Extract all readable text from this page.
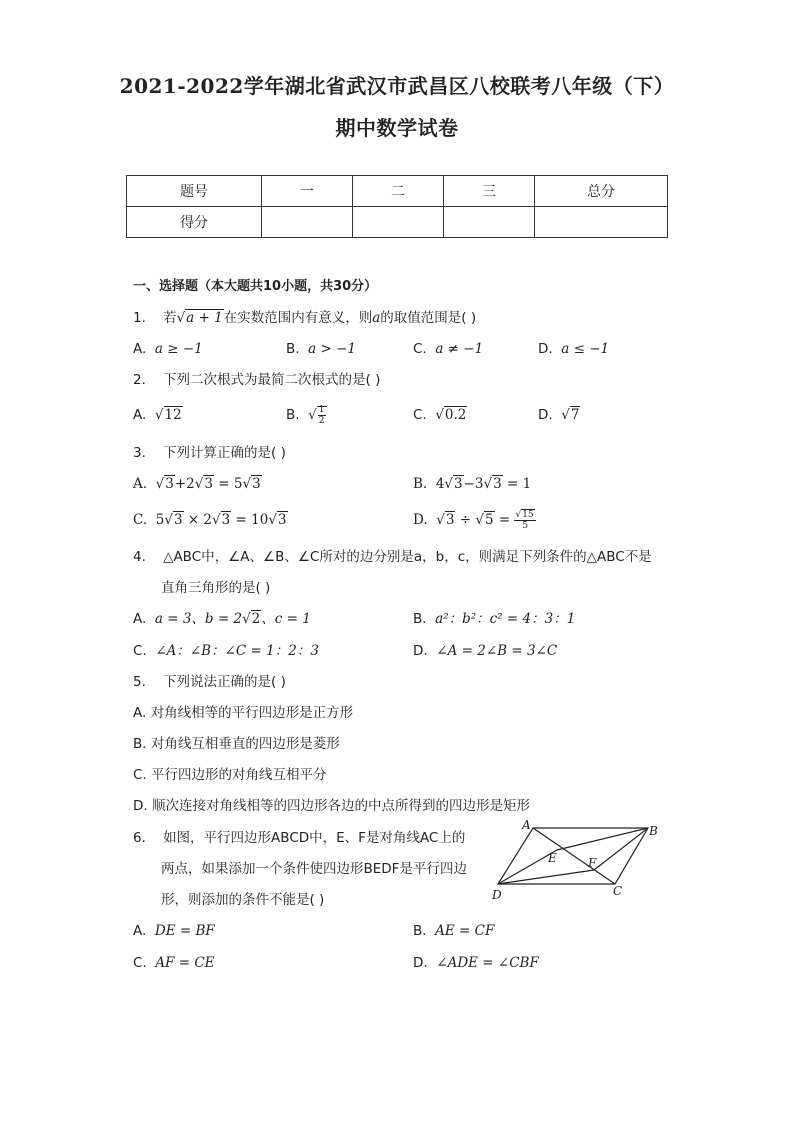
2021-2022学年湖北省武汉市武昌区八校联考八年级（下）
期中数学试卷
题号	一	二	三	总分
得分				
一、选择题（本大题共10小题，共30分）
1. 若√a + 1在实数范围内有意义，则a的取值范围是( )
A. a ≥ −1	B. a > −1	C. a ≠ −1	D. a ≤ −1
2. 下列二次根式为最简二次根式的是( )
A. √12	B. √ $\frac{1}{2}$	C. √0.2	D. √7
3. 下列计算正确的是( )
A. √3+2√3 = 5√3	B. 4√3−3√3 = 1
C. 5√3 × 2√3 = 10√3	D. $√3 \div √5 = \frac{√15}{5}$
4. △ABC中，∠A、∠B、∠C所对的边分别是a，b，c，则满足下列条件的△ABC不是
直角三角形的是( )
A. a = 3、b = 2√2、c = 1	B. a²：b²：c² = 4：3：1
C. ∠A：∠B：∠C = 1：2：3	D. ∠A = 2∠B = 3∠C
5. 下列说法正确的是( )
A. 对角线相等的平行四边形是正方形
B. 对角线互相垂直的四边形是菱形
C. 平行四边形的对角线互相平分
D. 顺次连接对角线相等的四边形各边的中点所得到的四边形是矩形
6. 如图，平行四边形ABCD中，E、F是对角线AC上的
两点，如果添加一个条件使四边形BEDF是平行四边
形，则添加的条件不能是( )
A	B
C
D
E	F
A. DE = BF	B. AE = CF
C. AF = CE	D. ∠ADE = ∠CBF
